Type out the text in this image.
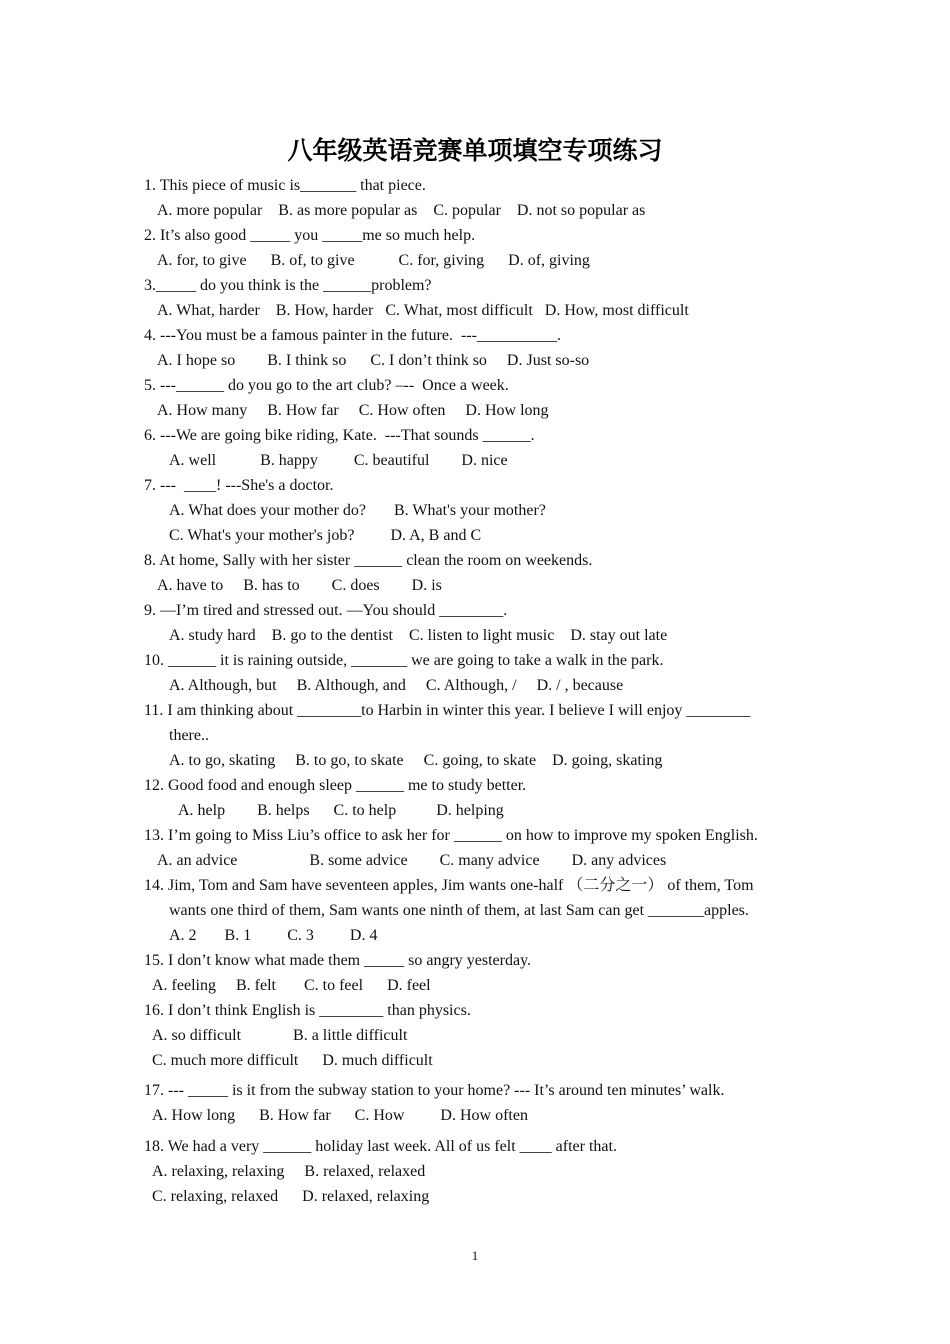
八年级英语竞赛单项填空专项练习
1. This piece of music is_______ that piece.
A. more popular    B. as more popular as    C. popular    D. not so popular as
2. It’s also good _____ you _____me so much help.
A. for, to give      B. of, to give           C. for, giving      D. of, giving
3._____ do you think is the ______problem?
A. What, harder    B. How, harder   C. What, most difficult   D. How, most difficult
4. ---You must be a famous painter in the future.  ---__________.
A. I hope so        B. I think so      C. I don’t think so     D. Just so-so
5. ---______ do you go to the art club? –--  Once a week.
A. How many     B. How far     C. How often     D. How long
6. ---We are going bike riding, Kate.  ---That sounds ______.
A. well           B. happy         C. beautiful        D. nice
7. ---  ____! ---She's a doctor.
A. What does your mother do?       B. What's your mother?
C. What's your mother's job?         D. A, B and C
8. At home, Sally with her sister ______ clean the room on weekends.
A. have to     B. has to        C. does        D. is
9. —I’m tired and stressed out. —You should ________.
A. study hard    B. go to the dentist    C. listen to light music    D. stay out late
10. ______ it is raining outside, _______ we are going to take a walk in the park.
A. Although, but     B. Although, and     C. Although, /     D. / , because
11. I am thinking about ________to Harbin in winter this year. I believe I will enjoy ________
there..
A. to go, skating     B. to go, to skate     C. going, to skate    D. going, skating
12. Good food and enough sleep ______ me to study better.
A. help        B. helps      C. to help          D. helping
13. I’m going to Miss Liu’s office to ask her for ______ on how to improve my spoken English.
A. an advice                  B. some advice        C. many advice        D. any advices
14. Jim, Tom and Sam have seventeen apples, Jim wants one-half （二分之一） of them, Tom
wants one third of them, Sam wants one ninth of them, at last Sam can get _______apples.
A. 2       B. 1         C. 3         D. 4
15. I don’t know what made them _____ so angry yesterday.
A. feeling     B. felt       C. to feel      D. feel
16. I don’t think English is ________ than physics.
A. so difficult             B. a little difficult
C. much more difficult      D. much difficult
17. --- _____ is it from the subway station to your home? --- It’s around ten minutes’ walk.
A. How long      B. How far      C. How         D. How often
18. We had a very ______ holiday last week. All of us felt ____ after that.
A. relaxing, relaxing     B. relaxed, relaxed
C. relaxing, relaxed      D. relaxed, relaxing
1
